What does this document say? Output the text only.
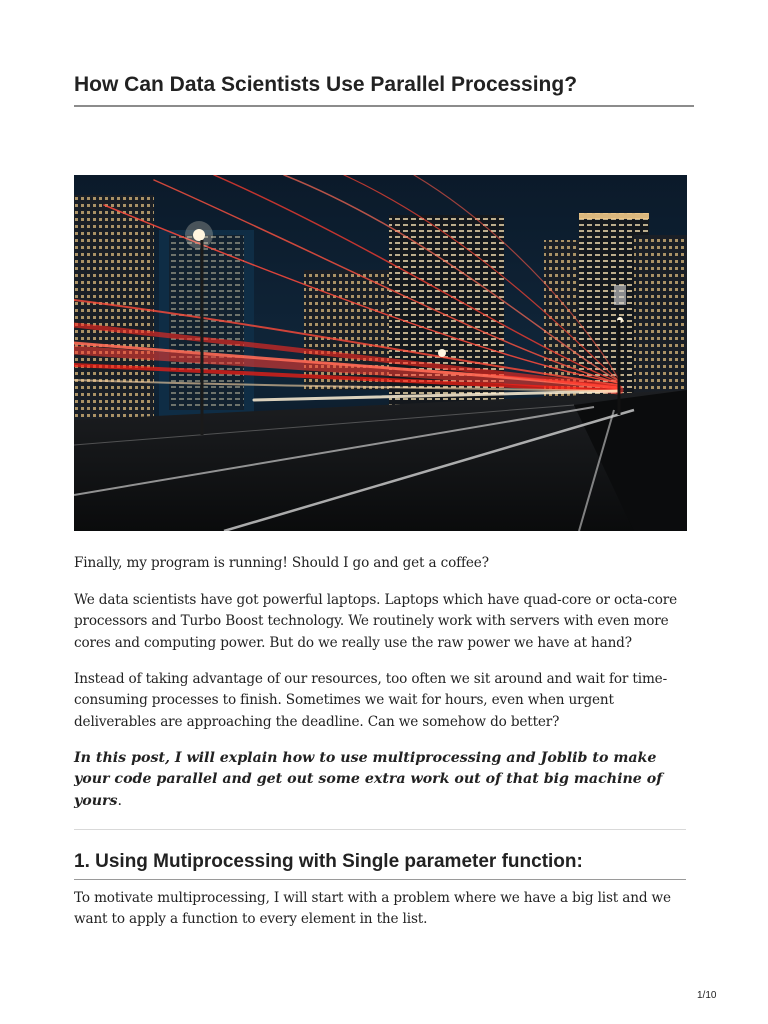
How Can Data Scientists Use Parallel Processing?

Finally, my program is running! Should I go and get a coffee?

We data scientists have got powerful laptops. Laptops which have quad-core or octa-core processors and Turbo Boost technology. We routinely work with servers with even more cores and computing power. But do we really use the raw power we have at hand?

Instead of taking advantage of our resources, too often we sit around and wait for time-consuming processes to finish. Sometimes we wait for hours, even when urgent deliverables are approaching the deadline. Can we somehow do better?

In this post, I will explain how to use multiprocessing and Joblib to make your code parallel and get out some extra work out of that big machine of yours.

1. Using Mutiprocessing with Single parameter function:

To motivate multiprocessing, I will start with a problem where we have a big list and we want to apply a function to every element in the list.

1/10
